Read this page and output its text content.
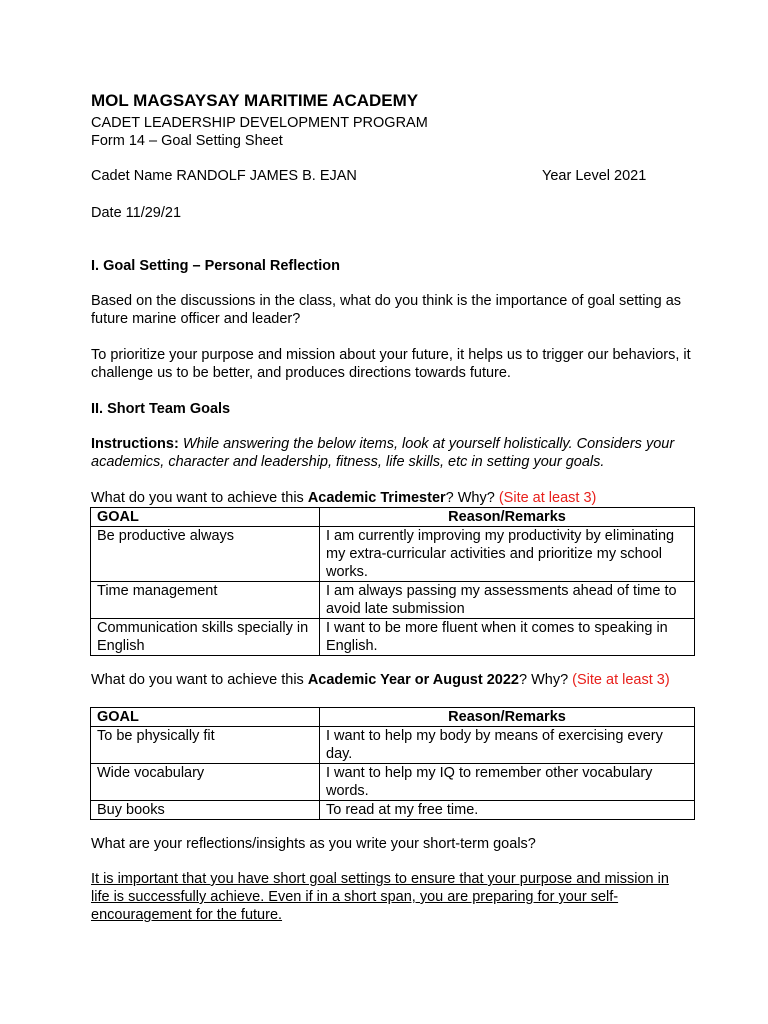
MOL MAGSAYSAY MARITIME ACADEMY
CADET LEADERSHIP DEVELOPMENT PROGRAM
Form 14 – Goal Setting Sheet
Cadet Name RANDOLF JAMES B. EJAN	Year Level 2021
Date 11/29/21
I. Goal Setting – Personal Reflection
Based on the discussions in the class, what do you think is the importance of goal setting as future marine officer and leader?
To prioritize your purpose and mission about your future, it helps us to trigger our behaviors, it challenge us to be better, and produces directions towards future.
II. Short Team Goals
Instructions: While answering the below items, look at yourself holistically. Considers your academics, character and leadership, fitness, life skills, etc in setting your goals.
What do you want to achieve this Academic Trimester? Why? (Site at least 3)
GOAL	Reason/Remarks
Be productive always	I am currently improving my productivity by eliminating my extra-curricular activities and prioritize my school works.
Time management	I am always passing my assessments ahead of time to avoid late submission
Communication skills specially in English	I want to be more fluent when it comes to speaking in English.
What do you want to achieve this Academic Year or August 2022? Why? (Site at least 3)
GOAL	Reason/Remarks
To be physically fit	I want to help my body by means of exercising every day.
Wide vocabulary	I want to help my IQ to remember other vocabulary words.
Buy books	To read at my free time.
What are your reflections/insights as you write your short-term goals?
It is important that you have short goal settings to ensure that your purpose and mission in life is successfully achieve. Even if in a short span, you are preparing for your self-encouragement for the future.
